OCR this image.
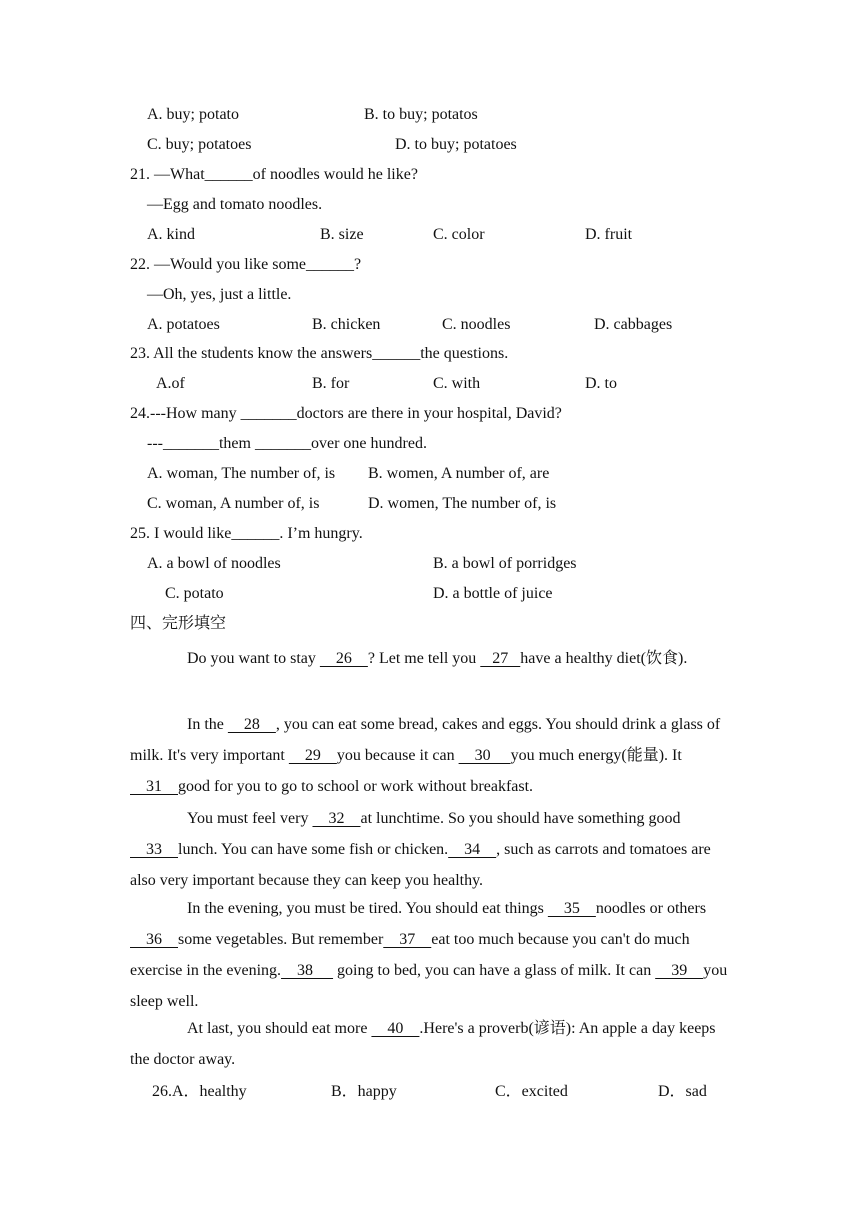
A. buy; potato	B. to buy; potatos
C. buy; potatoes	D. to buy; potatoes
21. —What______of noodles would he like?
—Egg and tomato noodles.
A. kind	B. size	C. color	D. fruit
22. —Would you like some______?
—Oh, yes, just a little.
A. potatoes	B. chicken	C. noodles	D. cabbages
23. All the students know the answers______the questions.
A.of	B. for	C. with	D. to
24.---How many _______doctors are there in your hospital, David?
---_______them _______over one hundred.
A. woman, The number of, is B. women, A number of, are
C. woman, A number of, is	D. women, The number of, is
25. I would like______. I’m hungry.
A. a bowl of noodles	B. a bowl of porridges
C. potato	D. a bottle of juice
四、完形填空
Do you want to stay     26    ? Let me tell you    27   have a healthy diet(饮食).
In the     28    , you can eat some bread, cakes and eggs. You should drink a glass of milk. It's very important     29    you because it can     30     you much energy(能量). It     31    good for you to go to school or work without breakfast.
You must feel very     32    at lunchtime. So you should have something good     33    lunch. You can have some fish or chicken.    34    , such as carrots and tomatoes are also very important because they can keep you healthy.
In the evening, you must be tired. You should eat things     35    noodles or others     36    some vegetables. But remember    37    eat too much because you can't do much exercise in the evening.    38      going to bed, you can have a glass of milk. It can     39    you sleep well.
At last, you should eat more     40    .Here's a proverb(谚语): An apple a day keeps the doctor away.
26.A．healthy	B．happy	C．excited	D．sad
